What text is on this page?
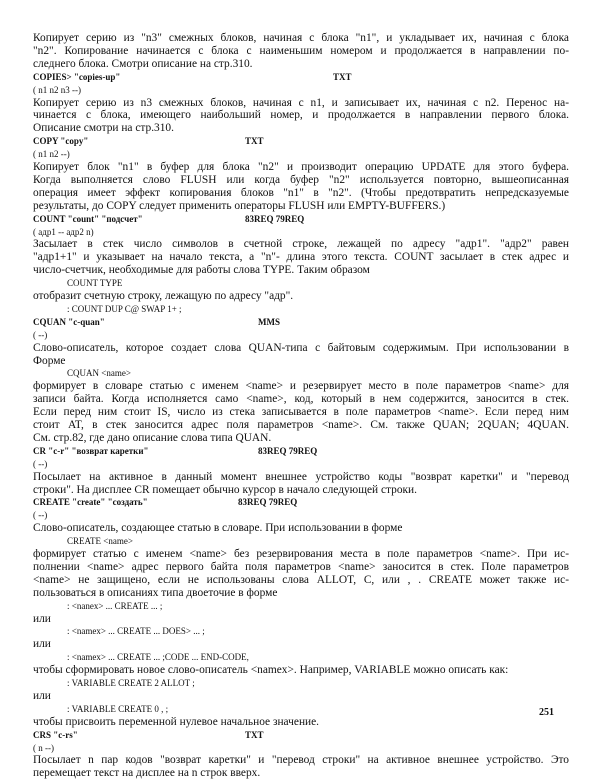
Копирует серию из "n3" смежных блоков, начиная с блока "n1", и укладывает их, начиная с блока
"n2". Копирование начинается с блока с наименьшим номером и продолжается в направлении по-
следнего блока. Смотри описание на стр.310.
COPIES> "copies-up"	TXT
( n1 n2 n3 --)
Копирует серию из n3 смежных блоков, начиная с n1, и записывает их, начиная с n2. Перенос на-
чинается с блока, имеющего наибольший номер, и продолжается в направлении первого блока.
Описание смотри на стр.310.
COPY "copy"	TXT
( n1 n2 --)
Копирует блок "n1" в буфер для блока "n2" и производит операцию UPDATE для этого буфера.
Когда выполняется слово FLUSH или когда буфер "n2" используется повторно, вышеописанная
операция имеет эффект копирования блоков "n1" в "n2". (Чтобы предотвратить непредсказуемые
результаты, до COPY следует применить операторы FLUSH или EMPTY-BUFFERS.)
COUNT "count" "подсчет"	83REQ 79REQ
( адр1 -- адр2 n)
Засылает в стек число символов в счетной строке, лежащей по адресу "адр1". "адр2" равен
"адр1+1" и указывает на начало текста, а "n"- длина этого текста. COUNT засылает в стек адрес и
число-счетчик, необходимые для работы слова TYPE. Таким образом
COUNT TYPE
отобразит счетную строку, лежащую по адресу "адр".
: COUNT DUP C@ SWAP 1+ ;
CQUAN "c-quan"	MMS
( --)
Слово-описатель, которое создает слова QUAN-типа с байтовым содержимым. При использовании в
Форме
CQUAN <name>
формирует в словаре статью с именем <name> и резервирует место в поле параметров <name> для
записи байта. Когда исполняется само <name>, код, который в нем содержится, заносится в стек.
Если перед ним стоит IS, число из стека записывается в поле параметров <name>. Если перед ним
стоит AT, в стек заносится адрес поля параметров <name>. См. также QUAN; 2QUAN; 4QUAN.
См. стр.82, где дано описание слова типа QUAN.
CR "c-r" "возврат каретки"	83REQ 79REQ
( --)
Посылает на активное в данный момент внешнее устройство коды "возврат каретки" и "перевод
строки". На дисплее CR помещает обычно курсор в начало следующей строки.
CREATE "create" "создать"	83REQ 79REQ
( --)
Слово-описатель, создающее статью в словаре. При использовании в форме
CREATE <name>
формирует статью с именем <name> без резервирования места в поле параметров <name>. При ис-
полнении <name> адрес первого байта поля параметров <name> заносится в стек. Поле параметров
<name> не защищено, если не использованы слова ALLOT, C, или , . CREATE может также ис-
пользоваться в описаниях типа двоеточие в форме
: <nanex> ... CREATE ... ;
или
: <namex> ... CREATE ... DOES> ... ;
или
: <namex> ... CREATE ... ;CODE ... END-CODE,
чтобы сформировать новое слово-описатель <namex>. Например, VARIABLE можно описать как:
: VARIABLE CREATE 2 ALLOT ;
или
: VARIABLE CREATE 0 , ;
чтобы присвоить переменной нулевое начальное значение.
CRS "c-rs"	TXT
( n --)
Посылает n пар кодов "возврат каретки" и "перевод строки" на активное внешнее устройство. Это
перемещает текст на дисплее на n строк вверх.
251
